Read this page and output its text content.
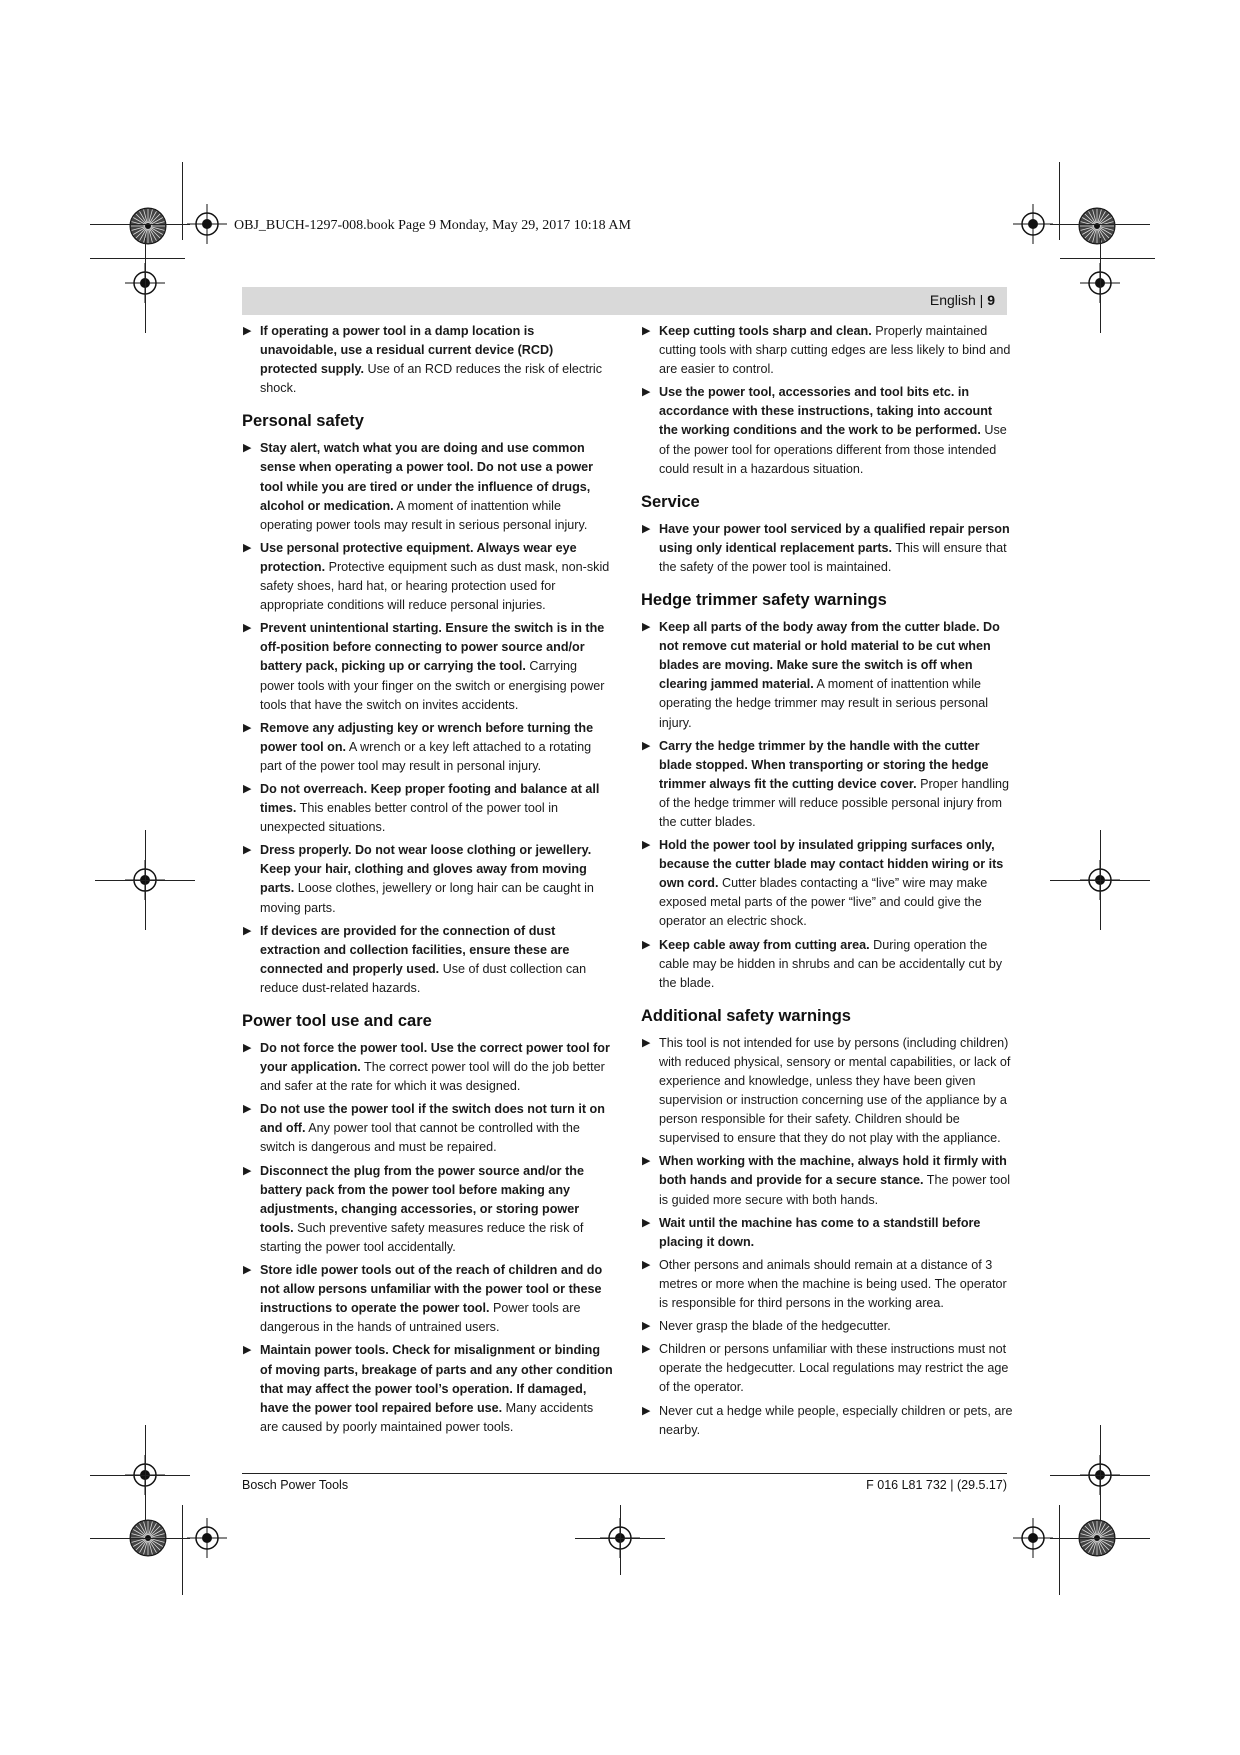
OBJ_BUCH-1297-008.book Page 9 Monday, May 29, 2017 10:18 AM
English | 9
▶ If operating a power tool in a damp location is unavoidable, use a residual current device (RCD) protected supply. Use of an RCD reduces the risk of electric shock.
Personal safety
▶ Stay alert, watch what you are doing and use common sense when operating a power tool. Do not use a power tool while you are tired or under the influence of drugs, alcohol or medication. A moment of inattention while operating power tools may result in serious personal injury.
▶ Use personal protective equipment. Always wear eye protection. Protective equipment such as dust mask, non-skid safety shoes, hard hat, or hearing protection used for appropriate conditions will reduce personal injuries.
▶ Prevent unintentional starting. Ensure the switch is in the off-position before connecting to power source and/or battery pack, picking up or carrying the tool. Carrying power tools with your finger on the switch or energising power tools that have the switch on invites accidents.
▶ Remove any adjusting key or wrench before turning the power tool on. A wrench or a key left attached to a rotating part of the power tool may result in personal injury.
▶ Do not overreach. Keep proper footing and balance at all times. This enables better control of the power tool in unexpected situations.
▶ Dress properly. Do not wear loose clothing or jewellery. Keep your hair, clothing and gloves away from moving parts. Loose clothes, jewellery or long hair can be caught in moving parts.
▶ If devices are provided for the connection of dust extraction and collection facilities, ensure these are connected and properly used. Use of dust collection can reduce dust-related hazards.
Power tool use and care
▶ Do not force the power tool. Use the correct power tool for your application. The correct power tool will do the job better and safer at the rate for which it was designed.
▶ Do not use the power tool if the switch does not turn it on and off. Any power tool that cannot be controlled with the switch is dangerous and must be repaired.
▶ Disconnect the plug from the power source and/or the battery pack from the power tool before making any adjustments, changing accessories, or storing power tools. Such preventive safety measures reduce the risk of starting the power tool accidentally.
▶ Store idle power tools out of the reach of children and do not allow persons unfamiliar with the power tool or these instructions to operate the power tool. Power tools are dangerous in the hands of untrained users.
▶ Maintain power tools. Check for misalignment or binding of moving parts, breakage of parts and any other condition that may affect the power tool’s operation. If damaged, have the power tool repaired before use. Many accidents are caused by poorly maintained power tools.
▶ Keep cutting tools sharp and clean. Properly maintained cutting tools with sharp cutting edges are less likely to bind and are easier to control.
▶ Use the power tool, accessories and tool bits etc. in accordance with these instructions, taking into account the working conditions and the work to be performed. Use of the power tool for operations different from those intended could result in a hazardous situation.
Service
▶ Have your power tool serviced by a qualified repair person using only identical replacement parts. This will ensure that the safety of the power tool is maintained.
Hedge trimmer safety warnings
▶ Keep all parts of the body away from the cutter blade. Do not remove cut material or hold material to be cut when blades are moving. Make sure the switch is off when clearing jammed material. A moment of inattention while operating the hedge trimmer may result in serious personal injury.
▶ Carry the hedge trimmer by the handle with the cutter blade stopped. When transporting or storing the hedge trimmer always fit the cutting device cover. Proper handling of the hedge trimmer will reduce possible personal injury from the cutter blades.
▶ Hold the power tool by insulated gripping surfaces only, because the cutter blade may contact hidden wiring or its own cord. Cutter blades contacting a “live” wire may make exposed metal parts of the power “live” and could give the operator an electric shock.
▶ Keep cable away from cutting area. During operation the cable may be hidden in shrubs and can be accidentally cut by the blade.
Additional safety warnings
▶ This tool is not intended for use by persons (including children) with reduced physical, sensory or mental capabilities, or lack of experience and knowledge, unless they have been given supervision or instruction concerning use of the appliance by a person responsible for their safety. Children should be supervised to ensure that they do not play with the appliance.
▶ When working with the machine, always hold it firmly with both hands and provide for a secure stance. The power tool is guided more secure with both hands.
▶ Wait until the machine has come to a standstill before placing it down.
▶ Other persons and animals should remain at a distance of 3 metres or more when the machine is being used. The operator is responsible for third persons in the working area.
▶ Never grasp the blade of the hedgecutter.
▶ Children or persons unfamiliar with these instructions must not operate the hedgecutter. Local regulations may restrict the age of the operator.
▶ Never cut a hedge while people, especially children or pets, are nearby.
Bosch Power Tools	F 016 L81 732 | (29.5.17)
